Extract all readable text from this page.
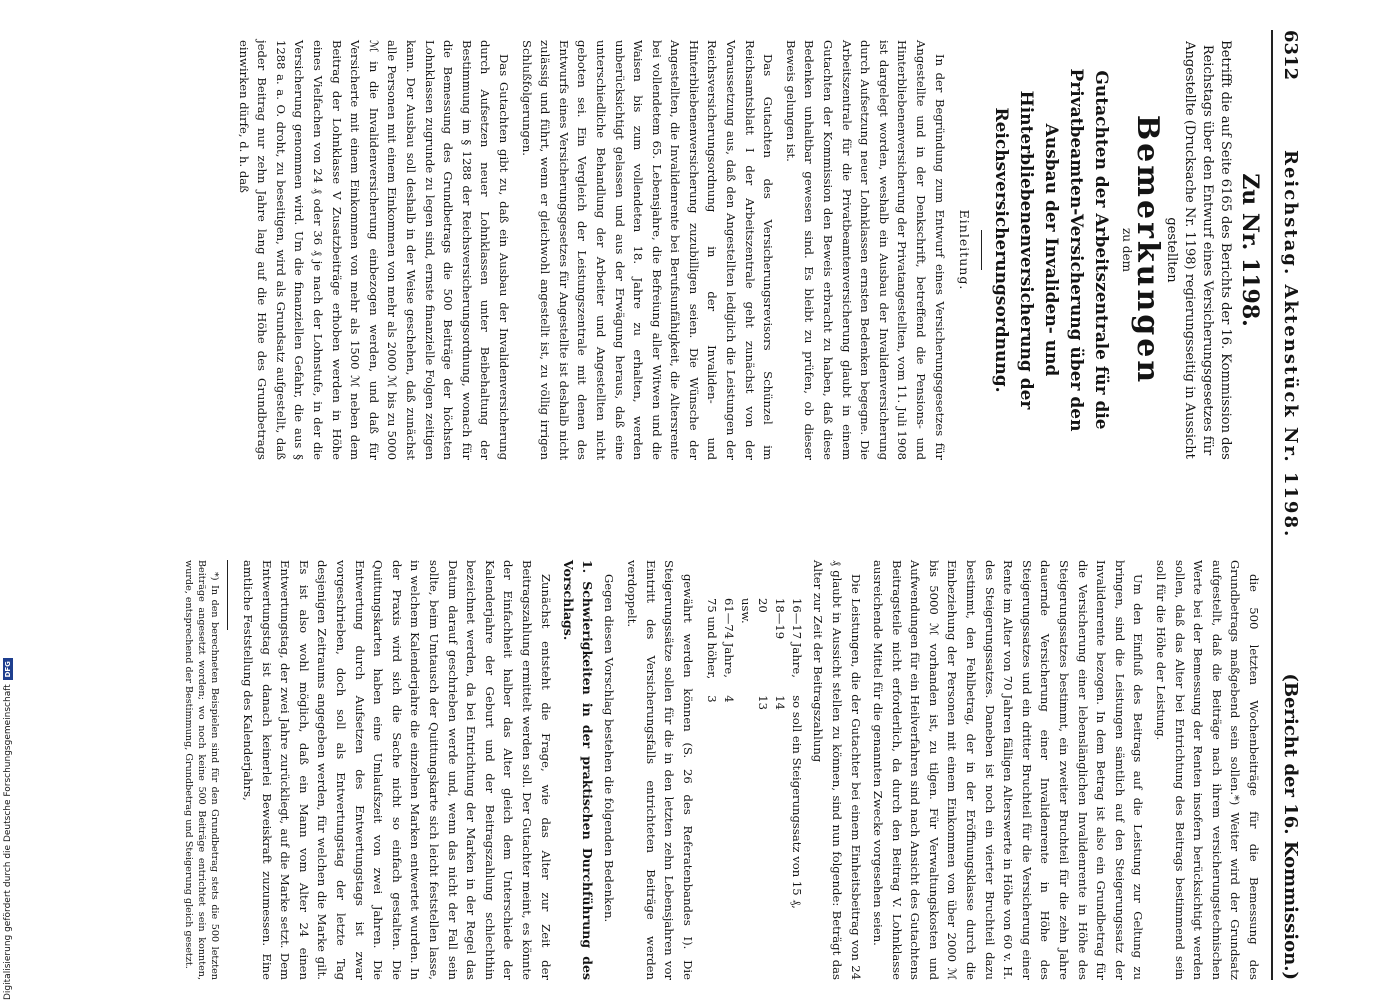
6312
Reichstag. Aktenstück Nr. 1198.
(Bericht der 16. Kommission.)
Zu Nr. 1198.
Betrifft die auf Seite 6165 des Berichts der 16. Kommission des Reichstags über den Entwurf eines Versicherungsgesetzes für Angestellte (Drucksache Nr. 1198) regierungsseitig in Aussicht gestellten
Bemerkungen
zu dem
Gutachten der Arbeitszentrale für die Privatbeamten-Versicherung über den Ausbau der Invaliden- und Hinterbliebenenversicherung der Reichsversicherungsordnung.
Einleitung.

In der Begründung zum Entwurf eines Versicherungsgesetzes für Angestellte und in der Denkschrift, betreffend die Pensions- und Hinterbliebenenversicherung der Privatangestellten, vom 11. Juli 1908 ist dargelegt worden, weshalb ein Ausbau der Invalidenversicherung durch Aufsetzung neuer Lohnklassen ernsten Bedenken begegne. Die Arbeitszentrale für die Privatbeamtenversicherung glaubt in einem Gutachten der Kommission den Beweis erbracht zu haben, daß diese Bedenken unhaltbar gewesen sind. Es bleibt zu prüfen, ob dieser Beweis gelungen ist.

Das Gutachten des Versicherungsrevisors Schünzel im Reichsamtsblatt I der Arbeitszentrale geht zunächst von der Voraussetzung aus, daß den Angestellten lediglich die Leistungen der Reichsversicherungsordnung in der Invaliden- und Hinterbliebenenversicherung zuzubilligen seien. Die Wünsche der Angestellten, die Invalidenrente bei Berufsunfähigkeit, die Altersrente bei vollendetem 65. Lebensjahre, die Befreiung aller Witwen und die Waisen bis zum vollendeten 18. Jahre zu erhalten, werden unberücksichtigt gelassen und aus der Erwägung heraus, daß eine unterschiedliche Behandlung der Arbeiter und Angestellten nicht geboten sei. Ein Vergleich der Leistungszentrale mit denen des Entwurfs eines Versicherungsgesetzes für Angestellte ist deshalb nicht zulässig und führt, wenn er gleichwohl angestellt ist, zu völlig irrigen Schlußfolgerungen.

Das Gutachten gibt zu, daß ein Ausbau der Invalidenversicherung durch Aufsetzen neuer Lohnklassen unter Beibehaltung der Bestimmung im § 1288 der Reichsversicherungsordnung, wonach für die Bemessung des Grundbetrags die 500 Beiträge der höchsten Lohnklassen zugrunde zu legen sind, ernste finanzielle Folgen zeitigen kann. Der Ausbau soll deshalb in der Weise geschehen, daß zunächst alle Personen mit einem Einkommen von mehr als 2000 ℳ bis zu 5000 ℳ in die Invalidenversicherung einbezogen werden, und daß für Versicherte mit einem Einkommen von mehr als 1500 ℳ neben dem Beitrag der Lohnklasse V Zusatzbeiträge erhoben werden in Höhe eines Vielfachen von 24 ₰ oder 36 ₰ je nach der Lohnstufe, in der die Versicherung genommen wird. Um die finanziellen Gefahr, die aus § 1288 a. a. O. droht, zu beseitigen, wird als Grundsatz aufgestellt, daß jeder Beitrag nur zehn Jahre lang auf die Höhe des Grundbetrags einwirken dürfe, d. h. daß

die 500 letzten Wochenbeiträge für die Bemessung des Grundbetrags maßgebend sein sollen.*) Weiter wird der Grundsatz aufgestellt, daß die Beiträge nach ihrem versicherungstechnischen Werte bei der Bemessung der Renten insofern berücksichtigt werden sollen, daß das Alter bei Entrichtung des Beitrags bestimmend sein soll für die Höhe der Leistung.

Um den Einfluß des Beitrags auf die Leistung zur Geltung zu bringen, sind die Leistungen sämtlich auf den Steigerungssatz der Invalidenrente bezogen. In dem Betrag ist also ein Grundbetrag für die Versicherung einer lebenslänglichen Invalidenrente in Höhe des Steigerungssatzes bestimmt, ein zweiter Bruchteil für die zehn Jahre dauernde Versicherung einer Invalidenrente in Höhe des Steigerungssatzes und ein dritter Bruchteil für die Versicherung einer Rente im Alter von 70 Jahren fälligen Alterswerte in Höhe von 60 v. H. des Steigerungssatzes. Daneben ist noch ein vierter Bruchteil dazu bestimmt, den Fehlbetrag, der in der Eröffnungsklasse durch die Einbeziehung der Personen mit einem Einkommen von über 2000 ℳ bis 5000 ℳ vorhanden ist, zu tilgen. Für Verwaltungskosten und Aufwendungen für ein Heilverfahren sind nach Ansicht des Gutachtens Beitragsteile nicht erforderlich, da durch den Beitrag V. Lohnklasse ausreichende Mittel für die genannten Zwecke vorgesehen seien.

Die Leistungen, die der Gutachter bei einem Einheitsbeitrag von 24 ₰ glaubt in Aussicht stellen zu können, sind nun folgende: Beträgt das Alter zur Zeit der Beitragszahlung

16—17 Jahre,	so soll ein Steigerungssatz von 15 ₰,
18—19	14
20	13
usw.	
61—74 Jahre,	4
75 und höher,	3

gewährt werden können (S. 26 des Referatenbandes I). Die Steigerungssätze sollen für die in den letzten zehn Lebensjahren vor Eintritt des Versicherungsfalls entrichteten Beiträge werden verdoppelt.

Gegen diesen Vorschlag bestehen die folgenden Bedenken.

1. Schwierigkeiten in der praktischen Durchführung des Vorschlags.

Zunächst entsteht die Frage, wie das Alter zur Zeit der Beitragszahlung ermittelt werden soll. Der Gutachter meint, es könnte der Einfachheit halber das Alter gleich dem Unterschiede der Kalenderjahre der Geburt und der Beitragszahlung schlechthin bezeichnet werden, da bei Entrichtung der Marken in der Regel das Datum darauf geschrieben werde und, wenn das nicht der Fall sein sollte, beim Umtausch der Quittungskarte sich leicht feststellen lasse, in welchem Kalenderjahre die einzelnen Marken entwertet wurden. In der Praxis wird sich die Sache nicht so einfach gestalten. Die Quittungskarten haben eine Umlaufszeit von zwei Jahren. Die Entwertung durch Aufsetzen des Entwertungstags ist zwar vorgeschrieben, doch soll als Entwertungstag der letzte Tag desjenigen Zeitraums angegeben werden, für welchen die Marke gilt. Es ist also wohl möglich, daß ein Mann vom Alter 24 einen Entwertungstag, der zwei Jahre zurückliegt, auf die Marke setzt. Dem Entwertungstag ist danach keinerlei Beweiskraft zuzumessen. Eine amtliche Feststellung des Kalenderjahrs,

*) In den berechneten Beispielen sind für den Grundbetrag stets die 500 letzten Beiträge angesetzt worden; wo noch keine 500 Beiträge entrichtet sein konnten, wurde, entsprechend der Bestimmung, Grundbetrag und Steigerung gleich gesetzt.
Digitalisierung gefördert durch die Deutsche Forschungsgemeinschaft
DFG
